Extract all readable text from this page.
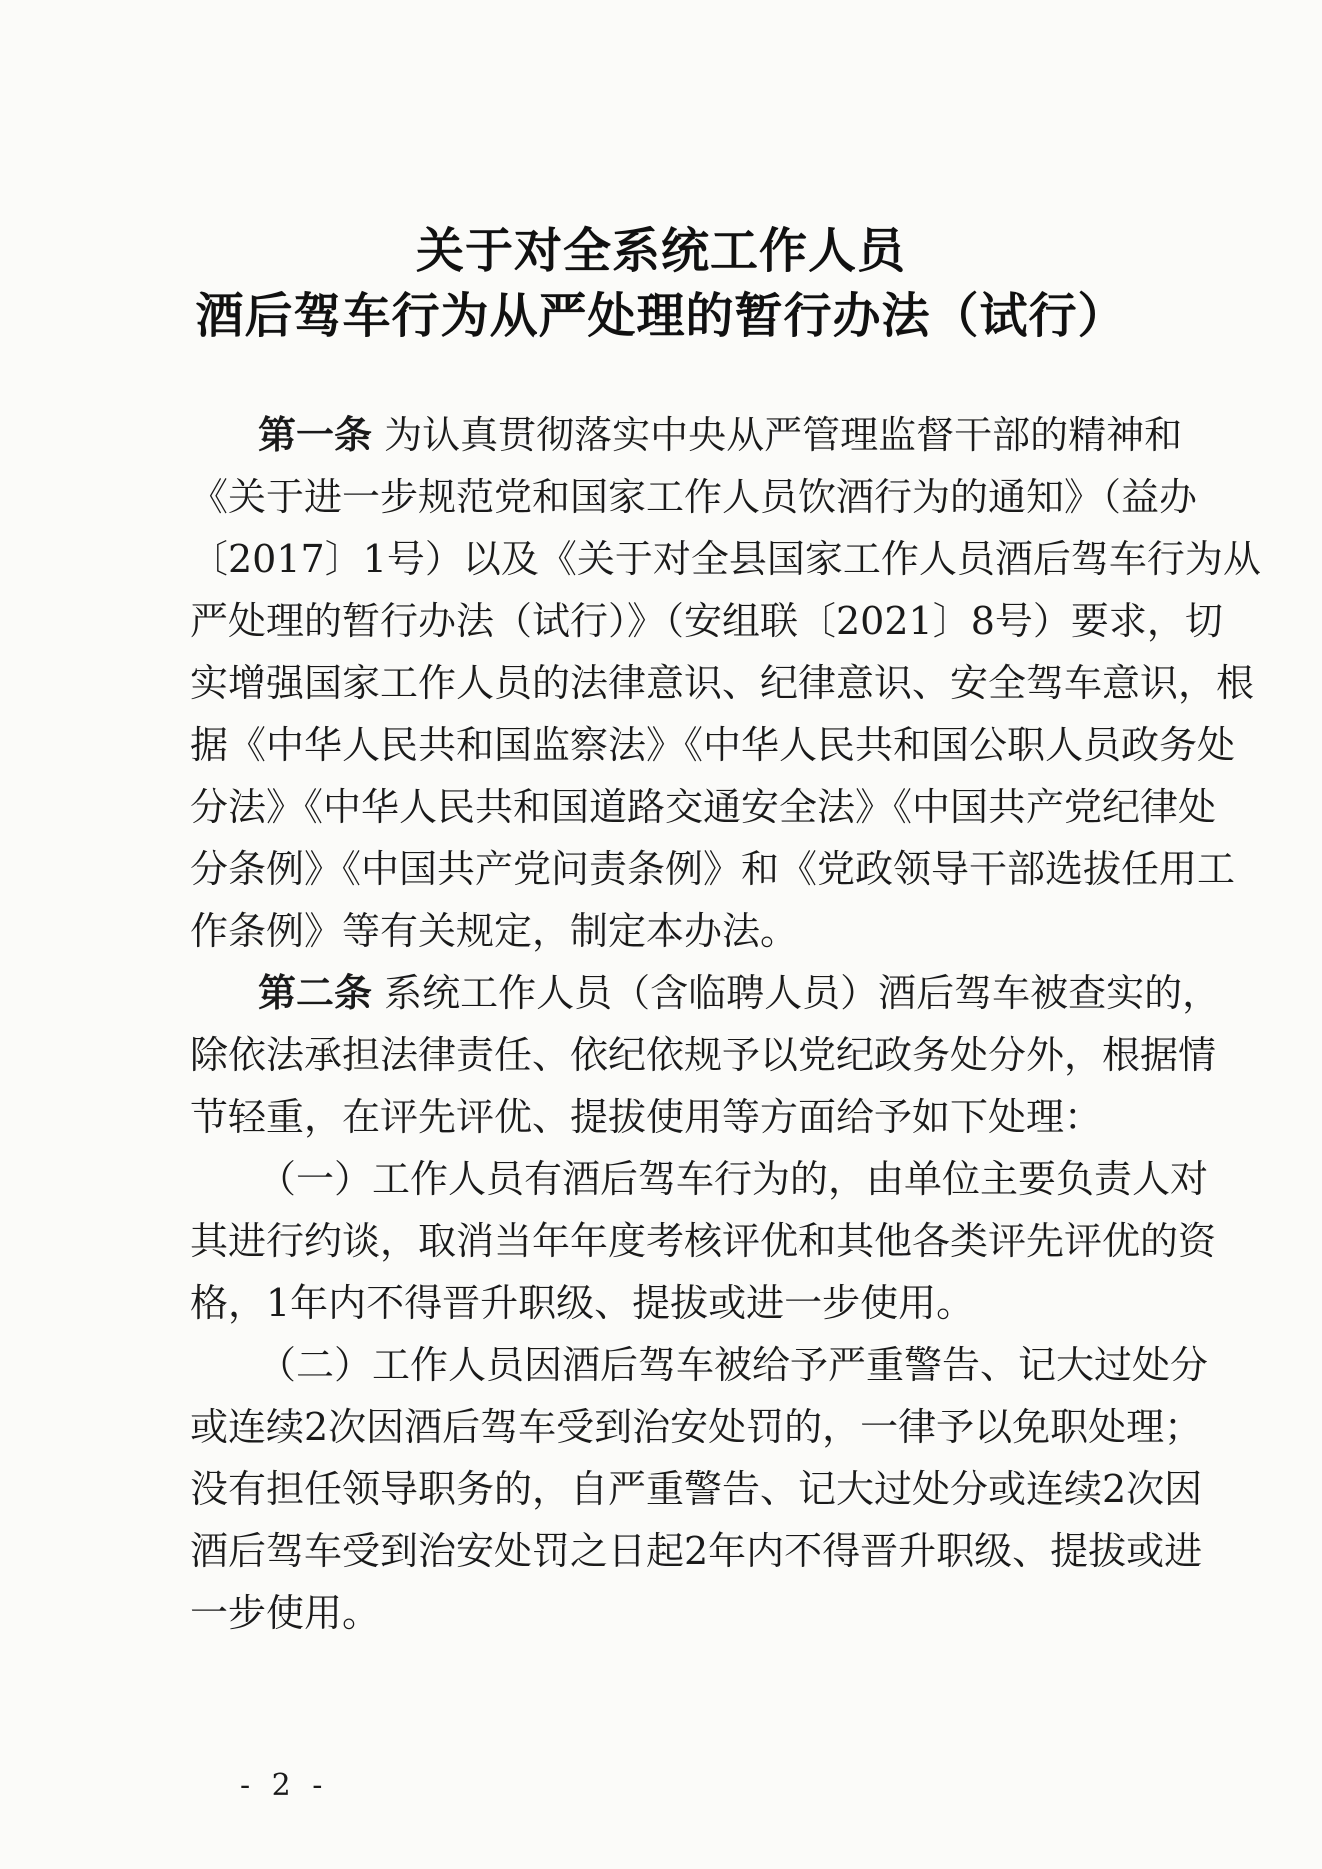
关于对全系统工作人员
酒后驾车行为从严处理的暂行办法（试行）
第一条 为认真贯彻落实中央从严管理监督干部的精神和
《关于进一步规范党和国家工作人员饮酒行为的通知》（益办
〔2017〕1号）以及《关于对全县国家工作人员酒后驾车行为从
严处理的暂行办法（试行）》（安组联〔2021〕8号）要求，切
实增强国家工作人员的法律意识、纪律意识、安全驾车意识，根
据《中华人民共和国监察法》《中华人民共和国公职人员政务处
分法》《中华人民共和国道路交通安全法》《中国共产党纪律处
分条例》《中国共产党问责条例》和《党政领导干部选拔任用工
作条例》等有关规定，制定本办法。
第二条 系统工作人员（含临聘人员）酒后驾车被查实的，
除依法承担法律责任、依纪依规予以党纪政务处分外，根据情
节轻重，在评先评优、提拔使用等方面给予如下处理：
（一）工作人员有酒后驾车行为的，由单位主要负责人对
其进行约谈，取消当年年度考核评优和其他各类评先评优的资
格，1年内不得晋升职级、提拔或进一步使用。
（二）工作人员因酒后驾车被给予严重警告、记大过处分
或连续2次因酒后驾车受到治安处罚的，一律予以免职处理；
没有担任领导职务的，自严重警告、记大过处分或连续2次因
酒后驾车受到治安处罚之日起2年内不得晋升职级、提拔或进
一步使用。
- 2 -
